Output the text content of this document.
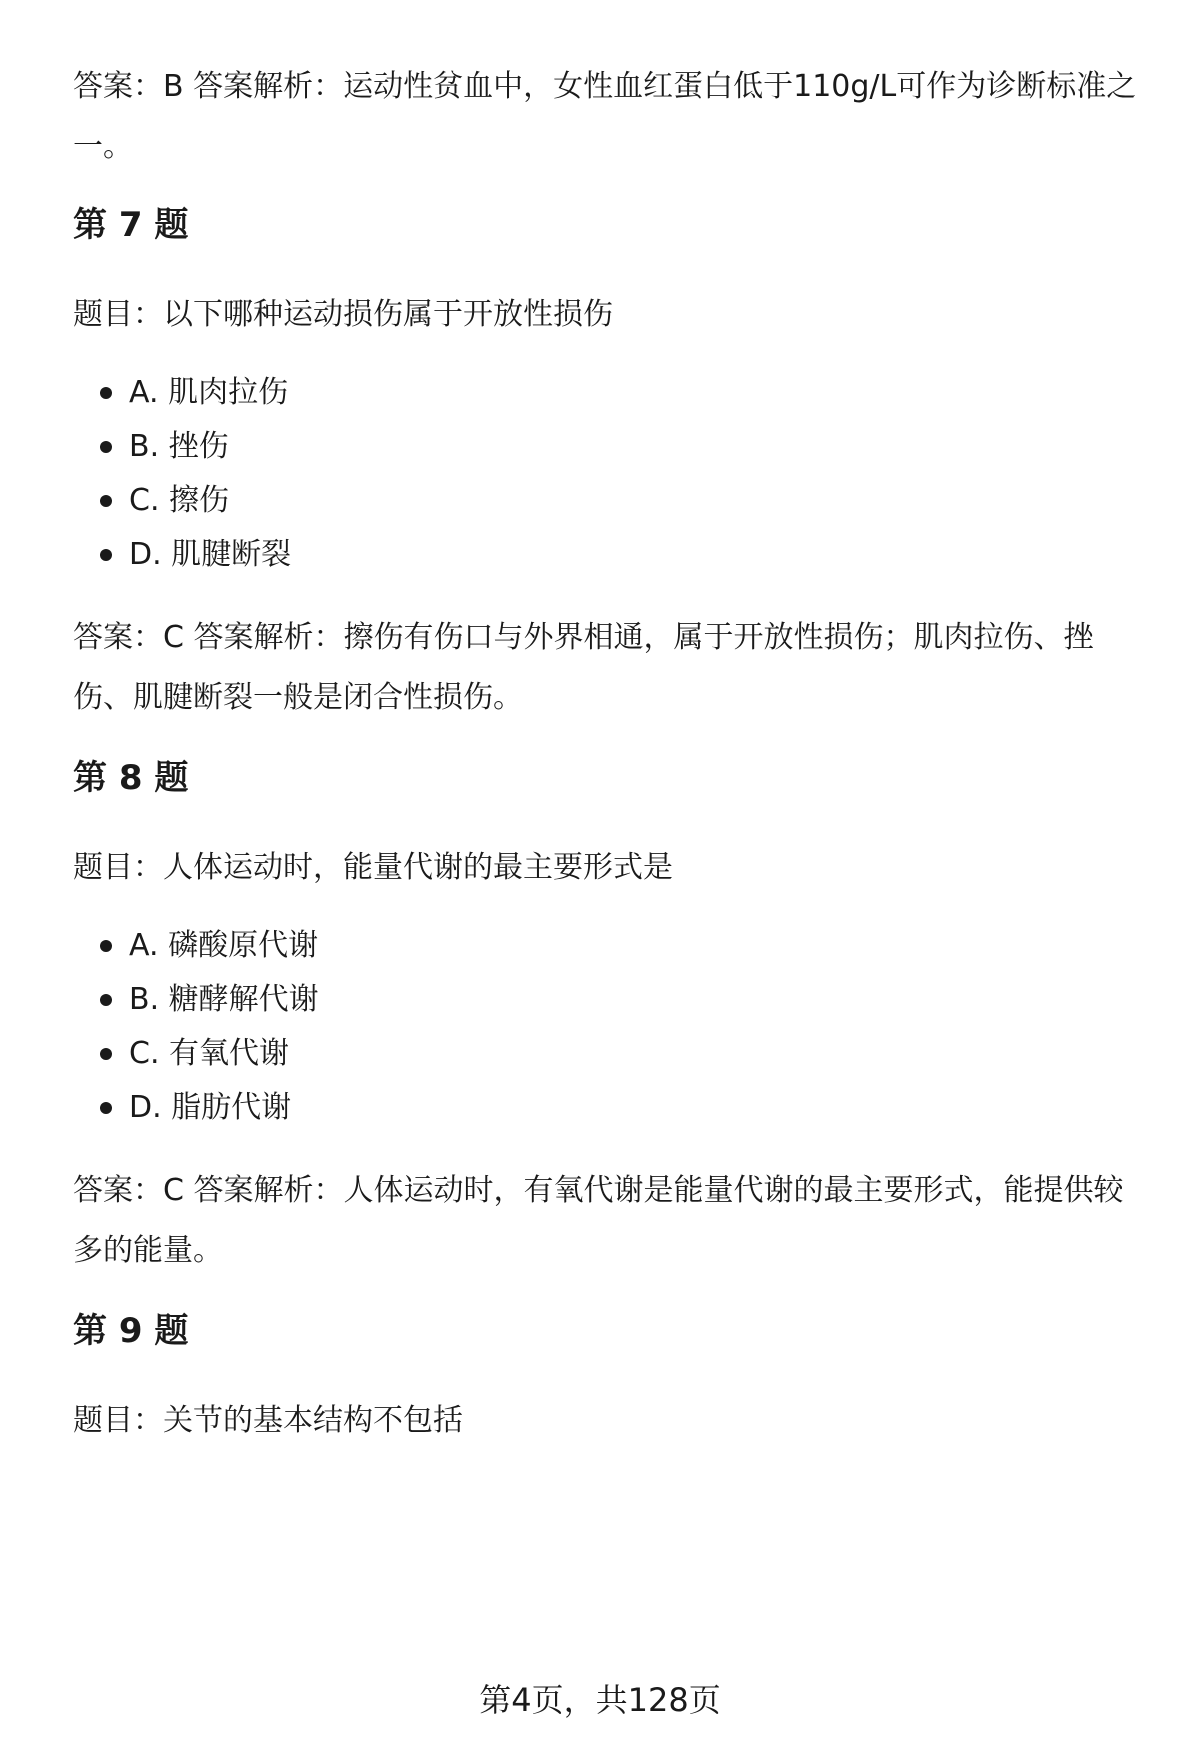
答案：B 答案解析：运动性贫血中，女性血红蛋白低于110g/L可作为诊断标准之一。

第 7 题

题目：以下哪种运动损伤属于开放性损伤

A. 肌肉拉伤
B. 挫伤
C. 擦伤
D. 肌腱断裂

答案：C 答案解析：擦伤有伤口与外界相通，属于开放性损伤；肌肉拉伤、挫伤、肌腱断裂一般是闭合性损伤。

第 8 题

题目：人体运动时，能量代谢的最主要形式是

A. 磷酸原代谢
B. 糖酵解代谢
C. 有氧代谢
D. 脂肪代谢

答案：C 答案解析：人体运动时，有氧代谢是能量代谢的最主要形式，能提供较多的能量。

第 9 题

题目：关节的基本结构不包括

第4页，共128页
